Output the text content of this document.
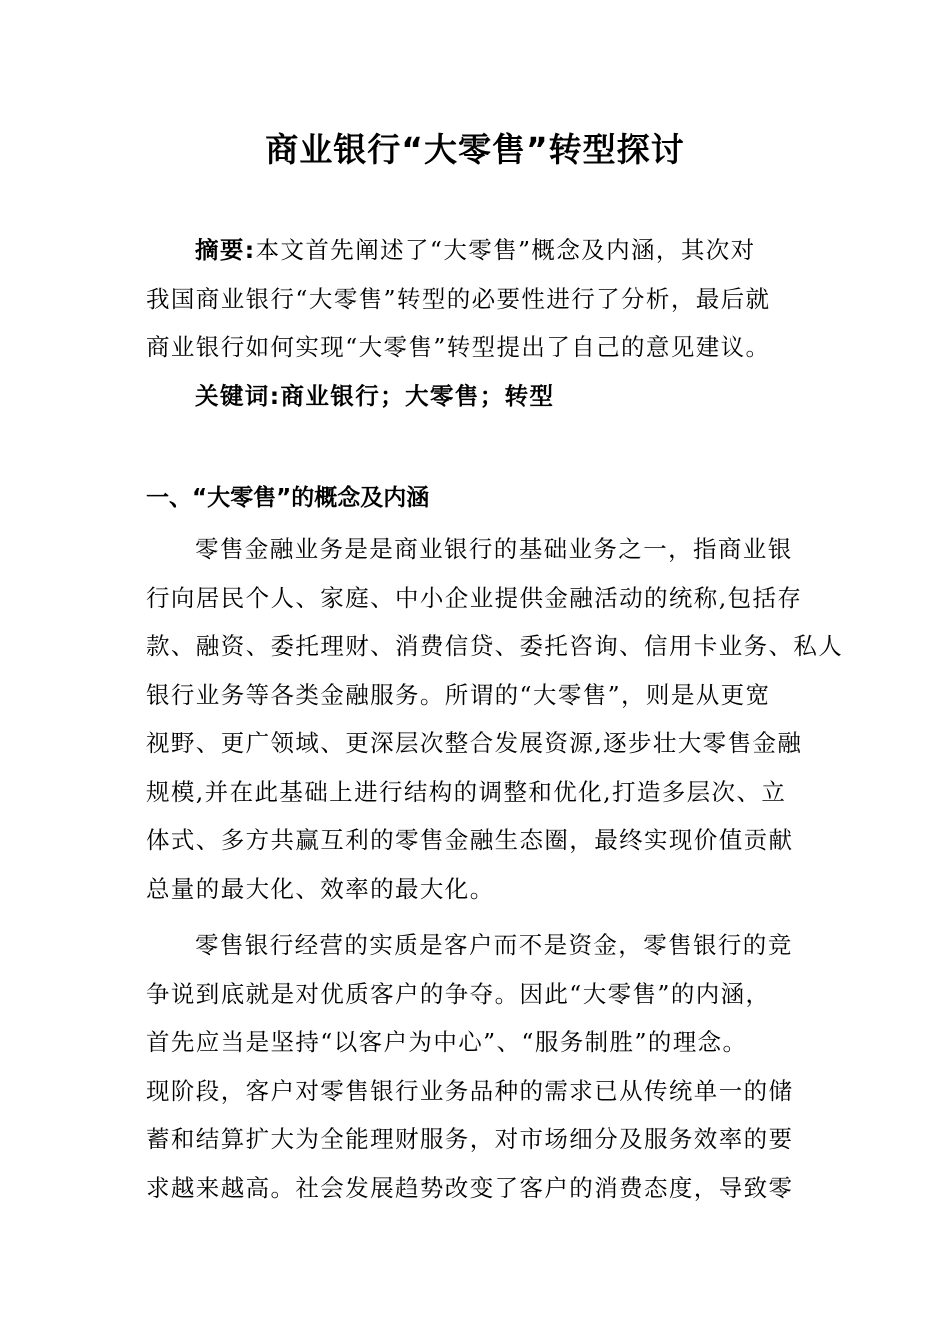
商业银行“大零售”转型探讨
摘要:本文首先阐述了“大零售”概念及内涵，其次对
我国商业银行“大零售”转型的必要性进行了分析，最后就
商业银行如何实现“大零售”转型提出了自己的意见建议。
关键词:商业银行；大零售；转型
一、“大零售”的概念及内涵
零售金融业务是是商业银行的基础业务之一，指商业银
行向居民个人、家庭、中小企业提供金融活动的统称,包括存
款、融资、委托理财、消费信贷、委托咨询、信用卡业务、私人
银行业务等各类金融服务。所谓的“大零售”，则是从更宽
视野、更广领域、更深层次整合发展资源,逐步壮大零售金融
规模,并在此基础上进行结构的调整和优化,打造多层次、立
体式、多方共赢互利的零售金融生态圈，最终实现价值贡献
总量的最大化、效率的最大化。
零售银行经营的实质是客户而不是资金，零售银行的竞
争说到底就是对优质客户的争夺。因此“大零售”的内涵，
首先应当是坚持“以客户为中心”、“服务制胜”的理念。
现阶段，客户对零售银行业务品种的需求已从传统单一的储
蓄和结算扩大为全能理财服务，对市场细分及服务效率的要
求越来越高。社会发展趋势改变了客户的消费态度，导致零
